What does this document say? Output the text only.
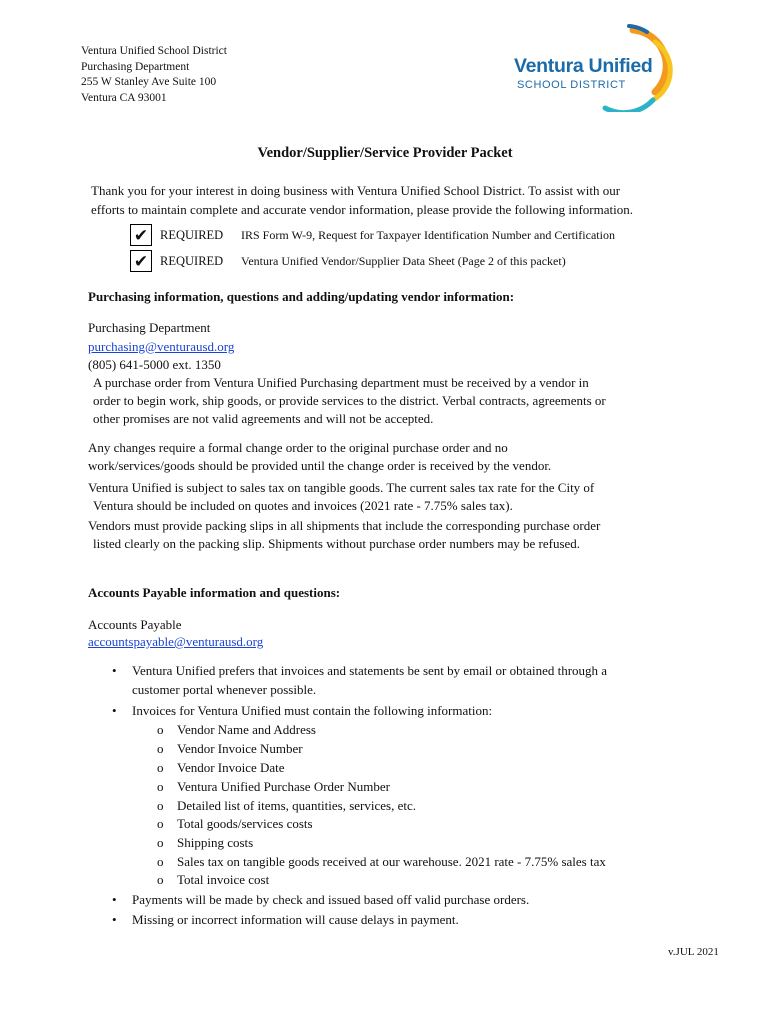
Ventura Unified School District
Purchasing Department
255 W Stanley Ave Suite 100
Ventura CA 93001
Ventura Unified
SCHOOL DISTRICT
Vendor/Supplier/Service Provider Packet
Thank you for your interest in doing business with Ventura Unified School District. To assist with our
efforts to maintain complete and accurate vendor information, please provide the following information.
✔ REQUIRED IRS Form W-9, Request for Taxpayer Identification Number and Certification
✔ REQUIRED Ventura Unified Vendor/Supplier Data Sheet (Page 2 of this packet)
Purchasing information, questions and adding/updating vendor information:
Purchasing Department
purchasing@venturausd.org
(805) 641-5000 ext. 1350
A purchase order from Ventura Unified Purchasing department must be received by a vendor in
order to begin work, ship goods, or provide services to the district. Verbal contracts, agreements or
other promises are not valid agreements and will not be accepted.
Any changes require a formal change order to the original purchase order and no
work/services/goods should be provided until the change order is received by the vendor.
Ventura Unified is subject to sales tax on tangible goods. The current sales tax rate for the City of
Ventura should be included on quotes and invoices (2021 rate - 7.75% sales tax).
Vendors must provide packing slips in all shipments that include the corresponding purchase order
listed clearly on the packing slip. Shipments without purchase order numbers may be refused.
Accounts Payable information and questions:
Accounts Payable
accountspayable@venturausd.org
• Ventura Unified prefers that invoices and statements be sent by email or obtained through a
customer portal whenever possible.
• Invoices for Ventura Unified must contain the following information:
o Vendor Name and Address
o Vendor Invoice Number
o Vendor Invoice Date
o Ventura Unified Purchase Order Number
o Detailed list of items, quantities, services, etc.
o Total goods/services costs
o Shipping costs
o Sales tax on tangible goods received at our warehouse. 2021 rate - 7.75% sales tax
o Total invoice cost
• Payments will be made by check and issued based off valid purchase orders.
• Missing or incorrect information will cause delays in payment.
v.JUL 2021
